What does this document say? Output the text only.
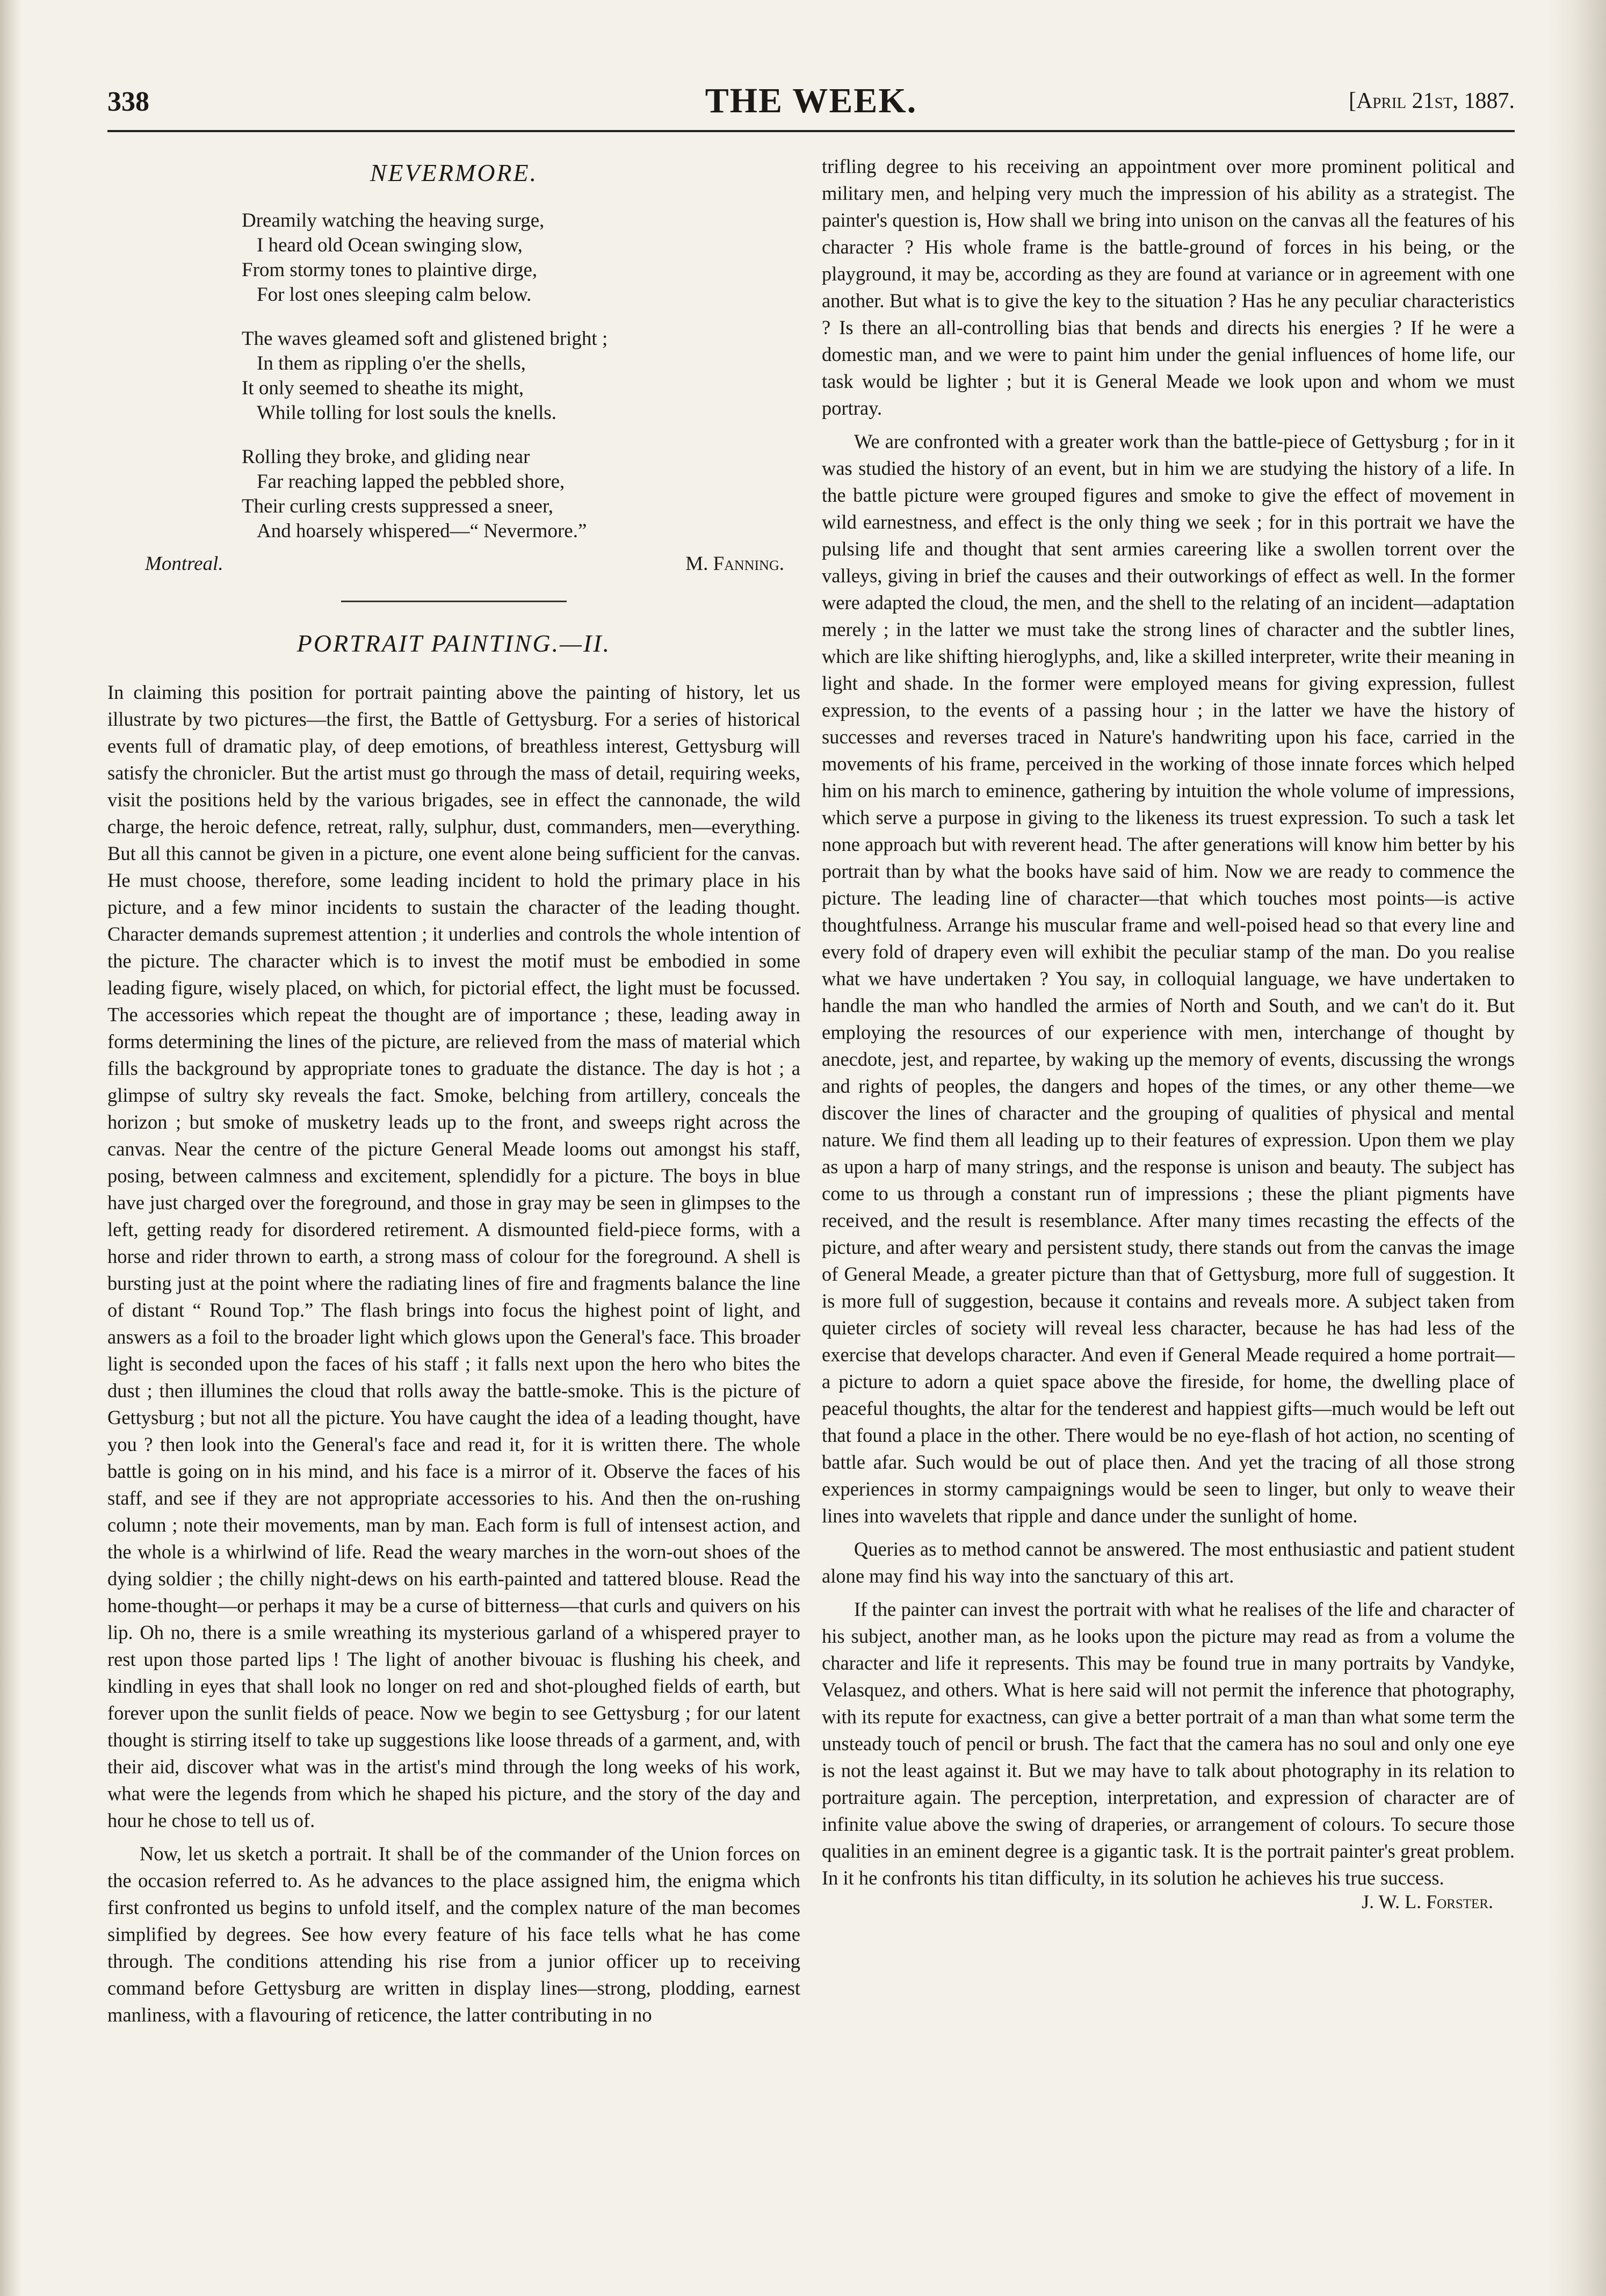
338	THE WEEK.	[April 21st, 1887.
NEVERMORE.
Dreamily watching the heaving surge,
I heard old Ocean swinging slow,
From stormy tones to plaintive dirge,
For lost ones sleeping calm below.
The waves gleamed soft and glistened bright ;
In them as rippling o'er the shells,
It only seemed to sheathe its might,
While tolling for lost souls the knells.
Rolling they broke, and gliding near
Far reaching lapped the pebbled shore,
Their curling crests suppressed a sneer,
And hoarsely whispered—“ Nevermore.”
Montreal.	M. Fanning.
PORTRAIT PAINTING.—II.

In claiming this position for portrait painting above the painting of history, let us illustrate by two pictures—the first, the Battle of Gettysburg. For a series of historical events full of dramatic play, of deep emotions, of breathless interest, Gettysburg will satisfy the chronicler. But the artist must go through the mass of detail, requiring weeks, visit the positions held by the various brigades, see in effect the cannonade, the wild charge, the heroic defence, retreat, rally, sulphur, dust, commanders, men—everything. But all this cannot be given in a picture, one event alone being sufficient for the canvas. He must choose, therefore, some leading incident to hold the primary place in his picture, and a few minor incidents to sustain the character of the leading thought. Character demands supremest attention ; it underlies and controls the whole intention of the picture. The character which is to invest the motif must be embodied in some leading figure, wisely placed, on which, for pictorial effect, the light must be focussed. The accessories which repeat the thought are of importance ; these, leading away in forms determining the lines of the picture, are relieved from the mass of material which fills the background by appropriate tones to graduate the distance. The day is hot ; a glimpse of sultry sky reveals the fact. Smoke, belching from artillery, conceals the horizon ; but smoke of musketry leads up to the front, and sweeps right across the canvas. Near the centre of the picture General Meade looms out amongst his staff, posing, between calmness and excitement, splendidly for a picture. The boys in blue have just charged over the foreground, and those in gray may be seen in glimpses to the left, getting ready for disordered retirement. A dismounted field-piece forms, with a horse and rider thrown to earth, a strong mass of colour for the foreground. A shell is bursting just at the point where the radiating lines of fire and fragments balance the line of distant “ Round Top.” The flash brings into focus the highest point of light, and answers as a foil to the broader light which glows upon the General's face. This broader light is seconded upon the faces of his staff ; it falls next upon the hero who bites the dust ; then illumines the cloud that rolls away the battle-smoke. This is the picture of Gettysburg ; but not all the picture. You have caught the idea of a leading thought, have you ? then look into the General's face and read it, for it is written there. The whole battle is going on in his mind, and his face is a mirror of it. Observe the faces of his staff, and see if they are not appropriate accessories to his. And then the on-rushing column ; note their movements, man by man. Each form is full of intensest action, and the whole is a whirlwind of life. Read the weary marches in the worn-out shoes of the dying soldier ; the chilly night-dews on his earth-painted and tattered blouse. Read the home-thought—or perhaps it may be a curse of bitterness—that curls and quivers on his lip. Oh no, there is a smile wreathing its mysterious garland of a whispered prayer to rest upon those parted lips ! The light of another bivouac is flushing his cheek, and kindling in eyes that shall look no longer on red and shot-ploughed fields of earth, but forever upon the sunlit fields of peace. Now we begin to see Gettysburg ; for our latent thought is stirring itself to take up suggestions like loose threads of a garment, and, with their aid, discover what was in the artist's mind through the long weeks of his work, what were the legends from which he shaped his picture, and the story of the day and hour he chose to tell us of.

Now, let us sketch a portrait. It shall be of the commander of the Union forces on the occasion referred to. As he advances to the place assigned him, the enigma which first confronted us begins to unfold itself, and the complex nature of the man becomes simplified by degrees. See how every feature of his face tells what he has come through. The conditions attending his rise from a junior officer up to receiving command before Gettysburg are written in display lines—strong, plodding, earnest manliness, with a flavouring of reticence, the latter contributing in no

trifling degree to his receiving an appointment over more prominent political and military men, and helping very much the impression of his ability as a strategist. The painter's question is, How shall we bring into unison on the canvas all the features of his character ? His whole frame is the battle-ground of forces in his being, or the playground, it may be, according as they are found at variance or in agreement with one another. But what is to give the key to the situation ? Has he any peculiar characteristics ? Is there an all-controlling bias that bends and directs his energies ? If he were a domestic man, and we were to paint him under the genial influences of home life, our task would be lighter ; but it is General Meade we look upon and whom we must portray.

We are confronted with a greater work than the battle-piece of Gettysburg ; for in it was studied the history of an event, but in him we are studying the history of a life. In the battle picture were grouped figures and smoke to give the effect of movement in wild earnestness, and effect is the only thing we seek ; for in this portrait we have the pulsing life and thought that sent armies careering like a swollen torrent over the valleys, giving in brief the causes and their outworkings of effect as well. In the former were adapted the cloud, the men, and the shell to the relating of an incident—adaptation merely ; in the latter we must take the strong lines of character and the subtler lines, which are like shifting hieroglyphs, and, like a skilled interpreter, write their meaning in light and shade. In the former were employed means for giving expression, fullest expression, to the events of a passing hour ; in the latter we have the history of successes and reverses traced in Nature's handwriting upon his face, carried in the movements of his frame, perceived in the working of those innate forces which helped him on his march to eminence, gathering by intuition the whole volume of impressions, which serve a purpose in giving to the likeness its truest expression. To such a task let none approach but with reverent head. The after generations will know him better by his portrait than by what the books have said of him. Now we are ready to commence the picture. The leading line of character—that which touches most points—is active thoughtfulness. Arrange his muscular frame and well-poised head so that every line and every fold of drapery even will exhibit the peculiar stamp of the man. Do you realise what we have undertaken ? You say, in colloquial language, we have undertaken to handle the man who handled the armies of North and South, and we can't do it. But employing the resources of our experience with men, interchange of thought by anecdote, jest, and repartee, by waking up the memory of events, discussing the wrongs and rights of peoples, the dangers and hopes of the times, or any other theme—we discover the lines of character and the grouping of qualities of physical and mental nature. We find them all leading up to their features of expression. Upon them we play as upon a harp of many strings, and the response is unison and beauty. The subject has come to us through a constant run of impressions ; these the pliant pigments have received, and the result is resemblance. After many times recasting the effects of the picture, and after weary and persistent study, there stands out from the canvas the image of General Meade, a greater picture than that of Gettysburg, more full of suggestion. It is more full of suggestion, because it contains and reveals more. A subject taken from quieter circles of society will reveal less character, because he has had less of the exercise that develops character. And even if General Meade required a home portrait—a picture to adorn a quiet space above the fireside, for home, the dwelling place of peaceful thoughts, the altar for the tenderest and happiest gifts—much would be left out that found a place in the other. There would be no eye-flash of hot action, no scenting of battle afar. Such would be out of place then. And yet the tracing of all those strong experiences in stormy campaignings would be seen to linger, but only to weave their lines into wavelets that ripple and dance under the sunlight of home.

Queries as to method cannot be answered. The most enthusiastic and patient student alone may find his way into the sanctuary of this art.

If the painter can invest the portrait with what he realises of the life and character of his subject, another man, as he looks upon the picture may read as from a volume the character and life it represents. This may be found true in many portraits by Vandyke, Velasquez, and others. What is here said will not permit the inference that photography, with its repute for exactness, can give a better portrait of a man than what some term the unsteady touch of pencil or brush. The fact that the camera has no soul and only one eye is not the least against it. But we may have to talk about photography in its relation to portraiture again. The perception, interpretation, and expression of character are of infinite value above the swing of draperies, or arrangement of colours. To secure those qualities in an eminent degree is a gigantic task. It is the portrait painter's great problem. In it he confronts his titan difficulty, in its solution he achieves his true success.

J. W. L. Forster.
